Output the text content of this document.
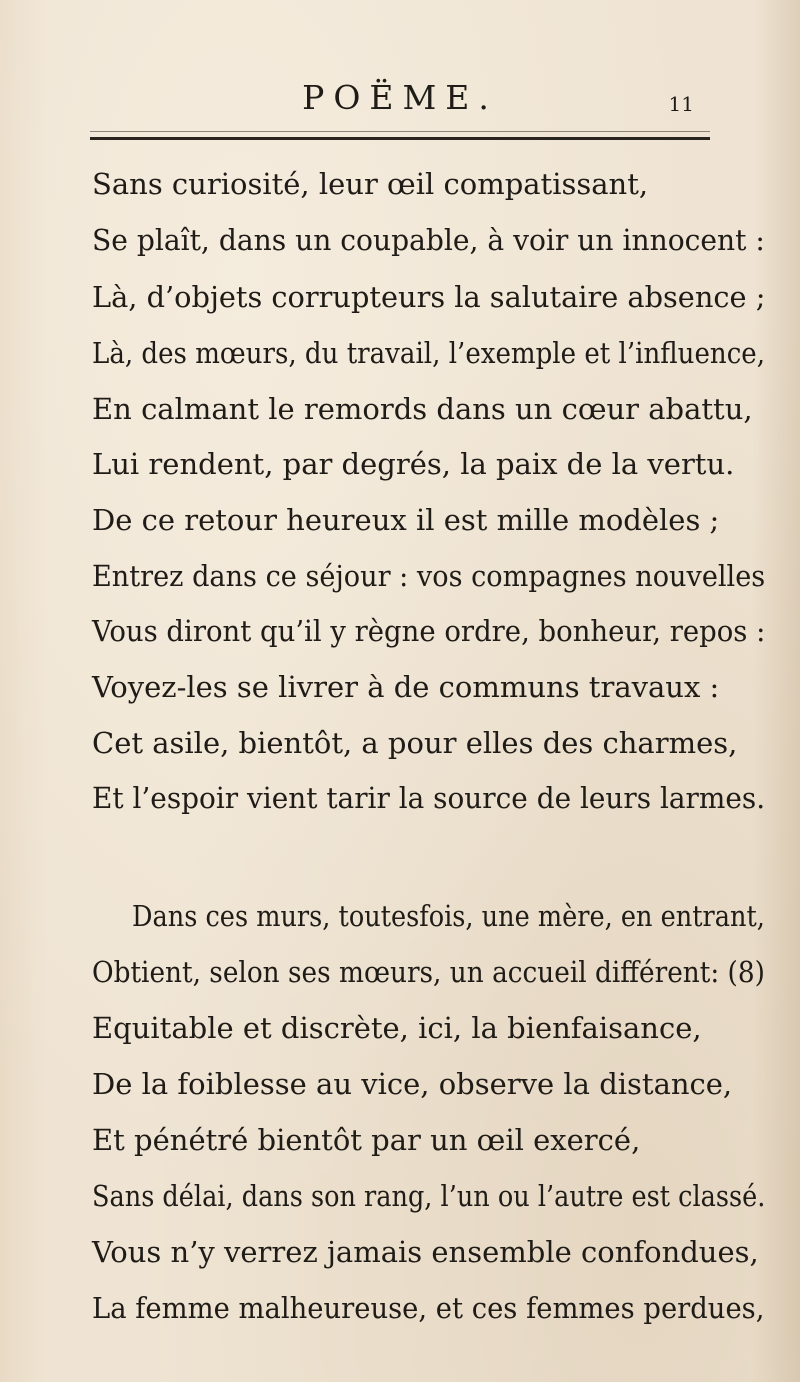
POËME.	11
Sans curiosité, leur œil compatissant,
Se plaît, dans un coupable, à voir un innocent :
Là, d’objets corrupteurs la salutaire absence ;
Là, des mœurs, du travail, l’exemple et l’influence,
En calmant le remords dans un cœur abattu,
Lui rendent, par degrés, la paix de la vertu.
De ce retour heureux il est mille modèles ;
Entrez dans ce séjour : vos compagnes nouvelles
Vous diront qu’il y règne ordre, bonheur, repos :
Voyez-les se livrer à de communs travaux :
Cet asile, bientôt, a pour elles des charmes,
Et l’espoir vient tarir la source de leurs larmes.
Dans ces murs, toutesfois, une mère, en entrant,
Obtient, selon ses mœurs, un accueil différent: (8)
Equitable et discrète, ici, la bienfaisance,
De la foiblesse au vice, observe la distance,
Et pénétré bientôt par un œil exercé,
Sans délai, dans son rang, l’un ou l’autre est classé.
Vous n’y verrez jamais ensemble confondues,
La femme malheureuse, et ces femmes perdues,
